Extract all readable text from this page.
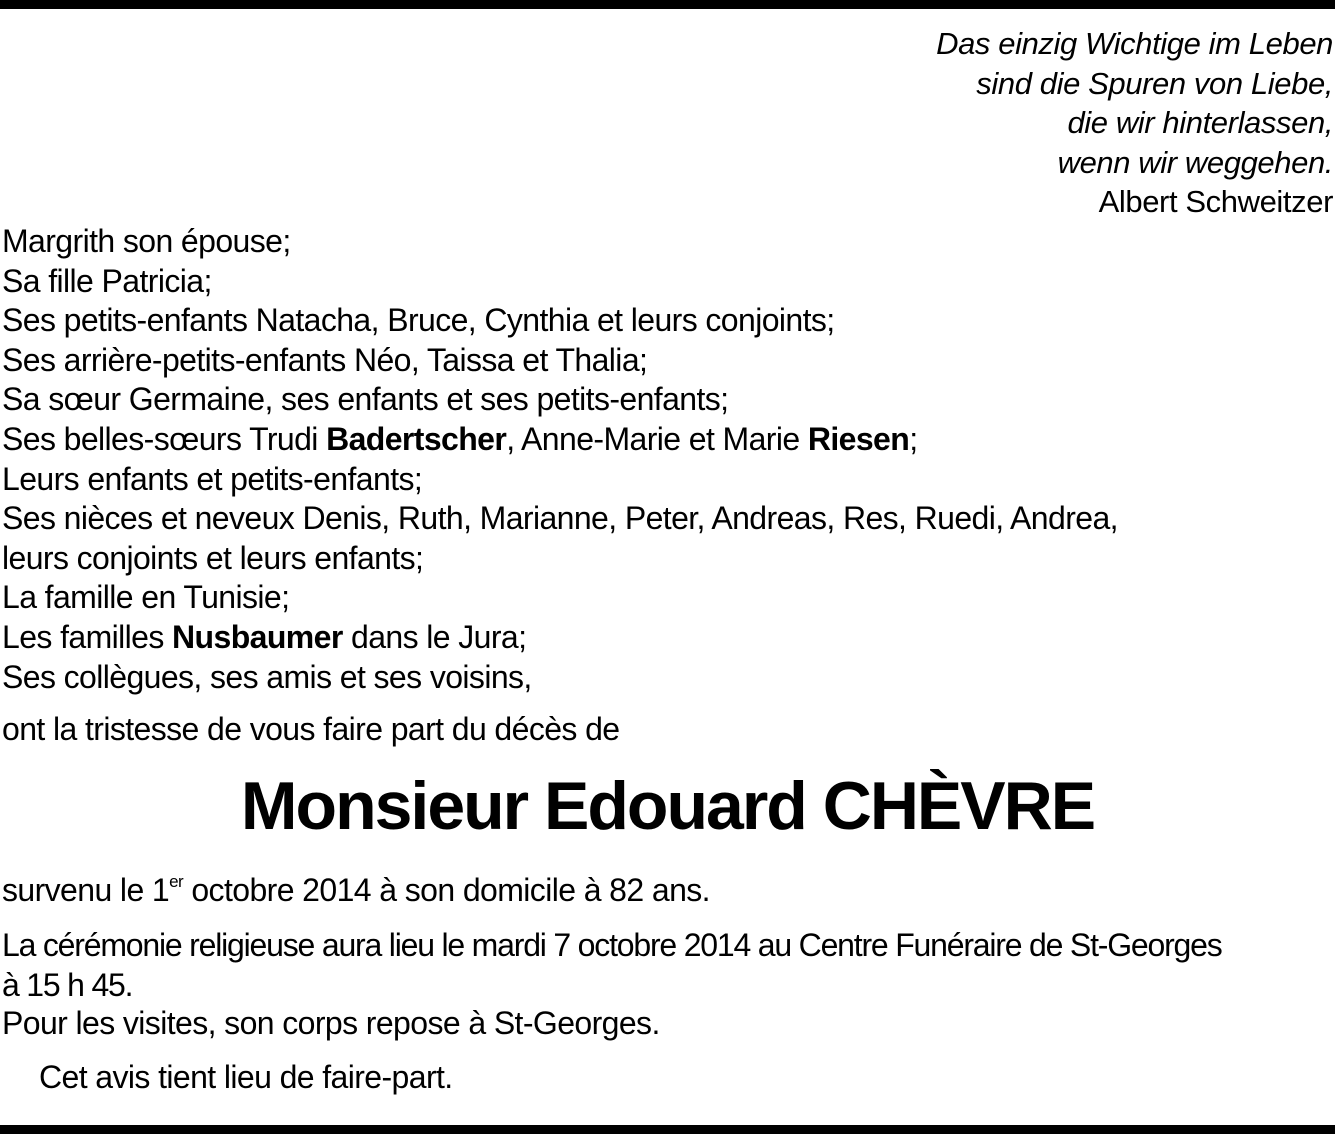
Das einzig Wichtige im Leben
sind die Spuren von Liebe,
die wir hinterlassen,
wenn wir weggehen.
Albert Schweitzer
Margrith son épouse;
Sa fille Patricia;
Ses petits-enfants Natacha, Bruce, Cynthia et leurs conjoints;
Ses arrière-petits-enfants Néo, Taissa et Thalia;
Sa sœur Germaine, ses enfants et ses petits-enfants;
Ses belles-sœurs Trudi Badertscher, Anne-Marie et Marie Riesen;
Leurs enfants et petits-enfants;
Ses nièces et neveux Denis, Ruth, Marianne, Peter, Andreas, Res, Ruedi, Andrea,
leurs conjoints et leurs enfants;
La famille en Tunisie;
Les familles Nusbaumer dans le Jura;
Ses collègues, ses amis et ses voisins,
ont la tristesse de vous faire part du décès de
Monsieur Edouard CHÈVRE
survenu le 1er octobre 2014 à son domicile à 82 ans.
La cérémonie religieuse aura lieu le mardi 7 octobre 2014 au Centre Funéraire de St-Georges
à 15 h 45.
Pour les visites, son corps repose à St-Georges.
Cet avis tient lieu de faire-part.
